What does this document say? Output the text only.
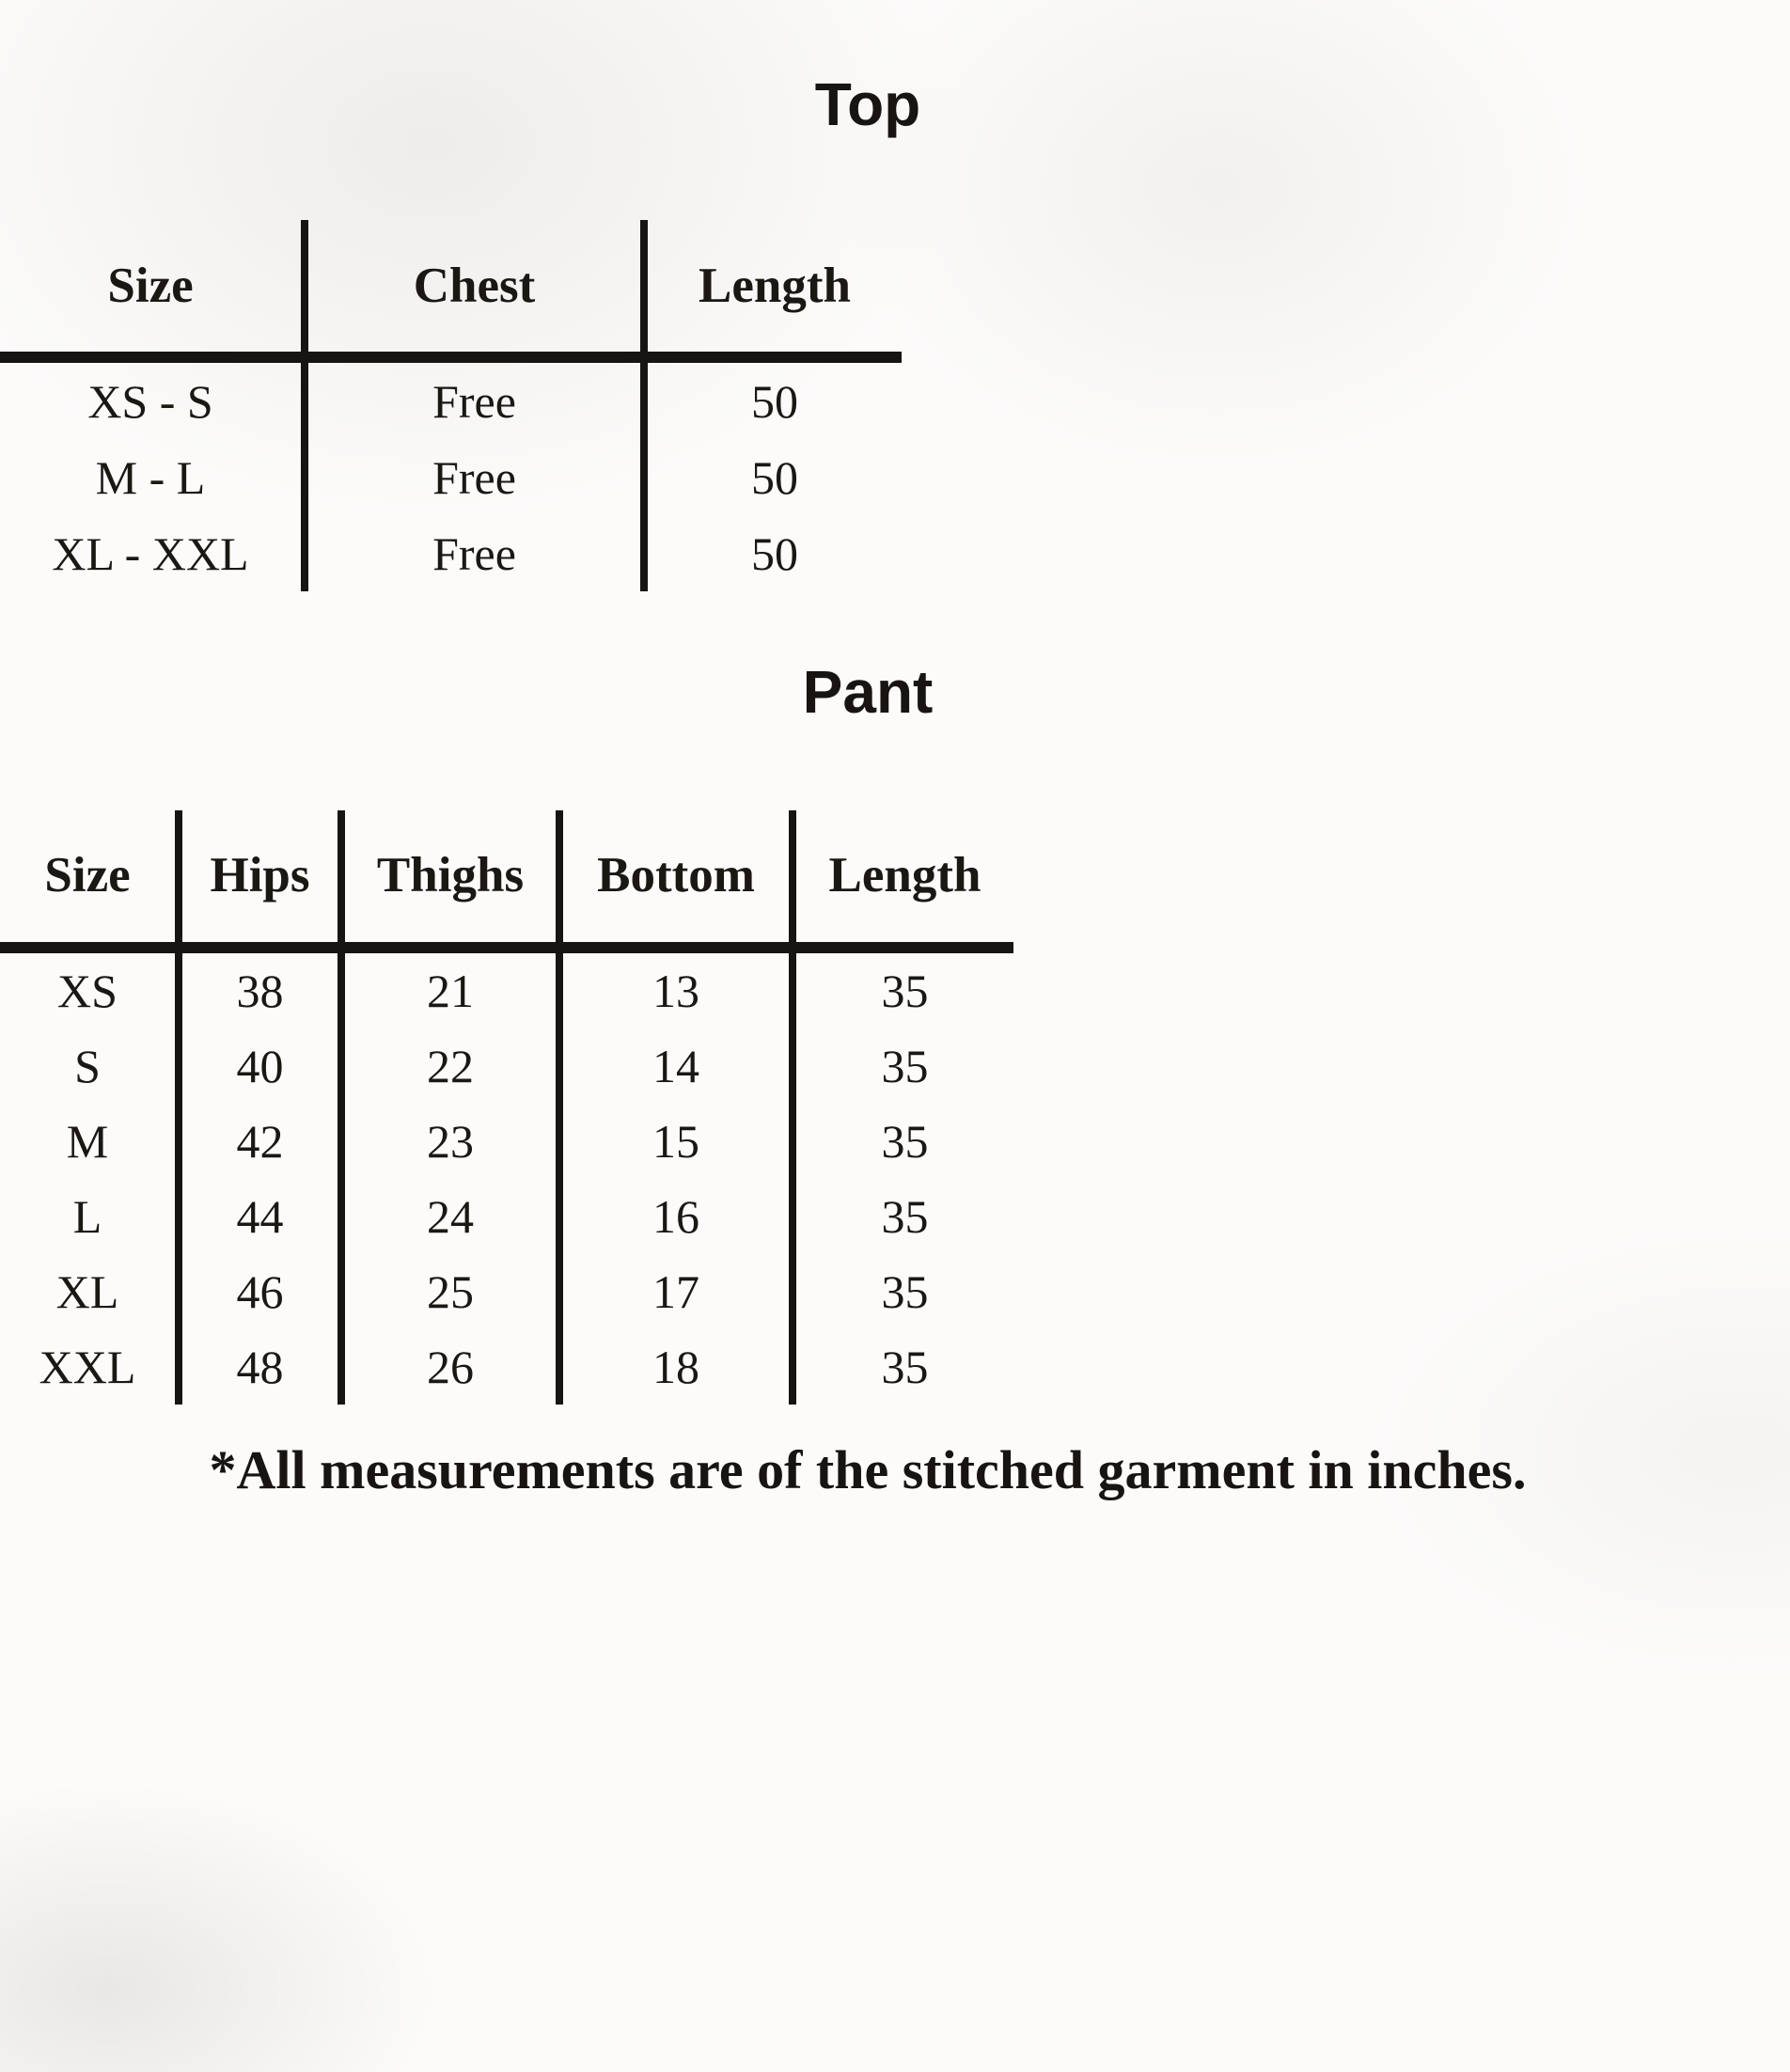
Top
Size	Chest	Length
XS - S	Free	50
M - L	Free	50
XL - XXL	Free	50
Pant
Size	Hips	Thighs	Bottom	Length
XS	38	21	13	35
S	40	22	14	35
M	42	23	15	35
L	44	24	16	35
XL	46	25	17	35
XXL	48	26	18	35

*All measurements are of the stitched garment in inches.
